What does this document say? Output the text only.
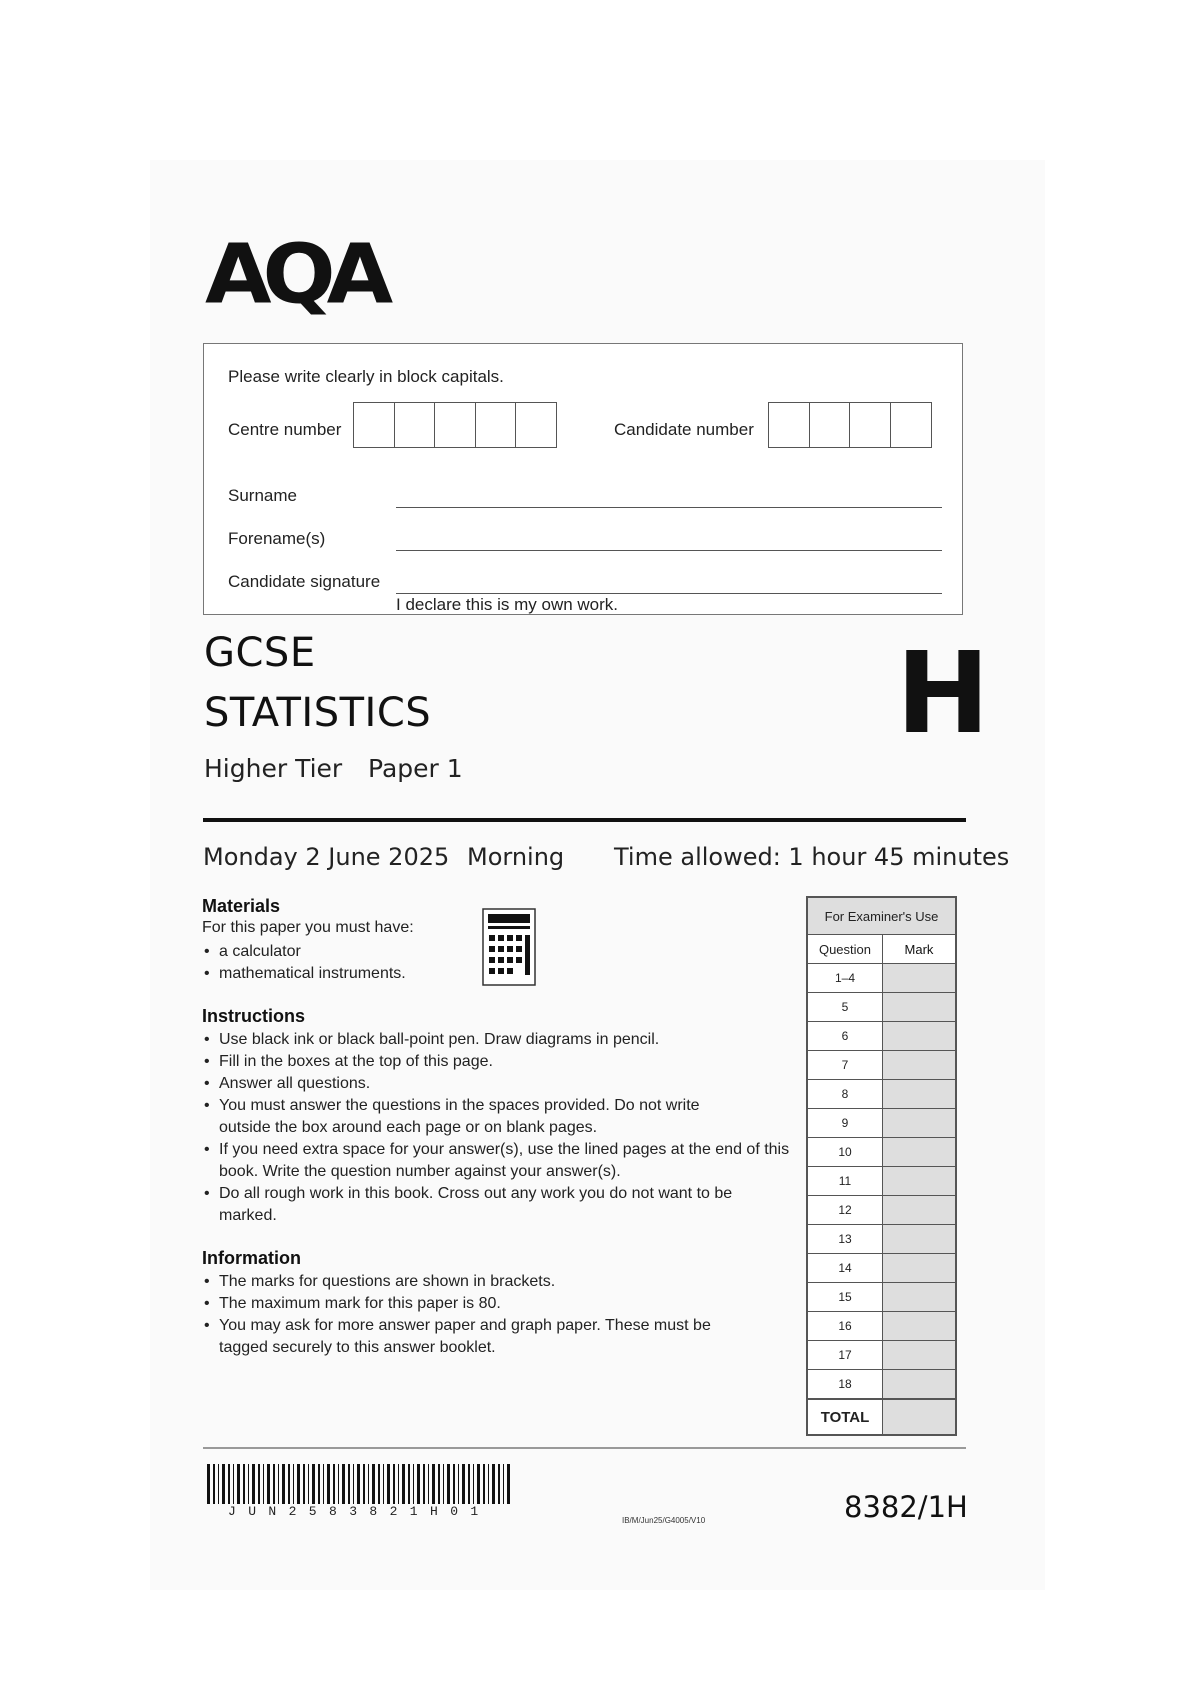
AQA
Please write clearly in block capitals.
Centre number	Candidate number
Surname
Forename(s)
Candidate signature
I declare this is my own work.
GCSE
STATISTICS
Higher Tier Paper 1
H
Monday 2 June 2025 Morning Time allowed: 1 hour 45 minutes
Materials
For this paper you must have:
• a calculator
• mathematical instruments.
Instructions
• Use black ink or black ball-point pen. Draw diagrams in pencil.
• Fill in the boxes at the top of this page.
• Answer all questions.
• You must answer the questions in the spaces provided. Do not write outside the box around each page or on blank pages.
• If you need extra space for your answer(s), use the lined pages at the end of this book. Write the question number against your answer(s).
• Do all rough work in this book. Cross out any work you do not want to be marked.
Information
• The marks for questions are shown in brackets.
• The maximum mark for this paper is 80.
• You may ask for more answer paper and graph paper. These must be tagged securely to this answer booklet.
For Examiner's Use
Question	Mark
1–4
5
6
7
8
9
10
11
12
13
14
15
16
17
18
TOTAL
JUN2583821H01
IB/M/Jun25/G4005/V10	8382/1H
